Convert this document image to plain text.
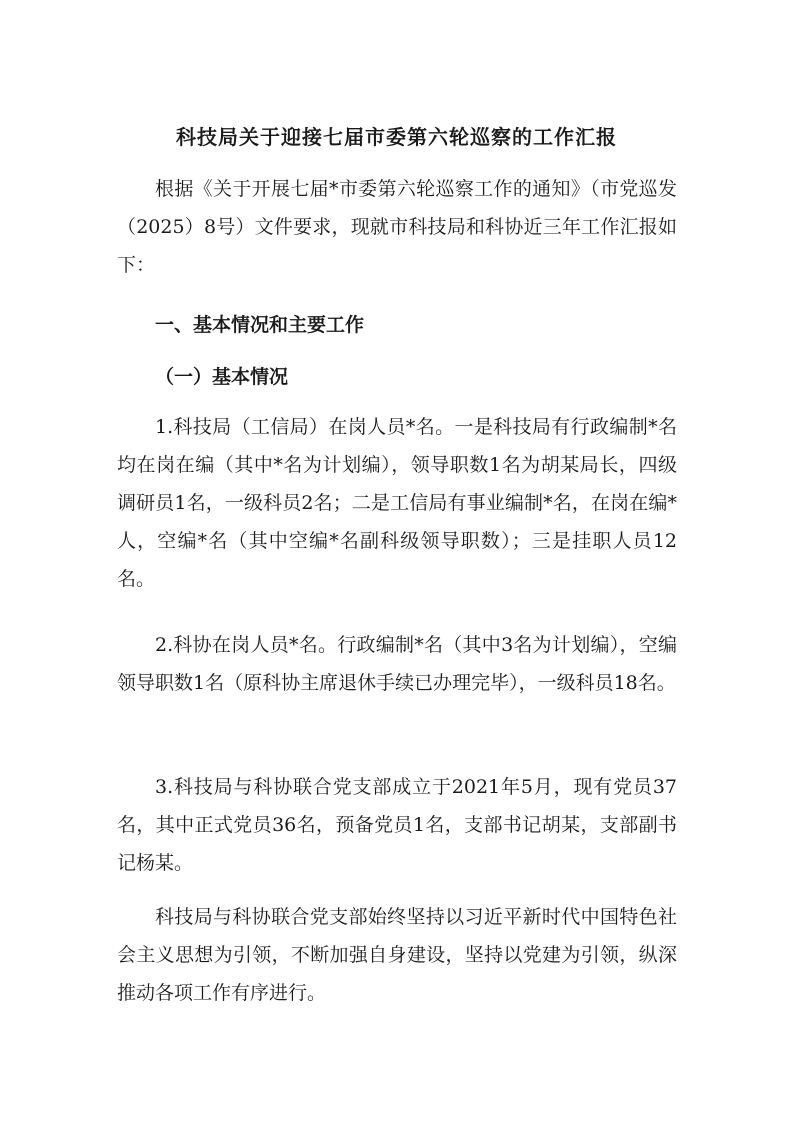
科技局关于迎接七届市委第六轮巡察的工作汇报
根据《关于开展七届*市委第六轮巡察工作的通知》（市党巡发（2025）8号）文件要求，现就市科技局和科协近三年工作汇报如下：
一、基本情况和主要工作
（一）基本情况
1.科技局（工信局）在岗人员*名。一是科技局有行政编制*名均在岗在编（其中*名为计划编），领导职数1名为胡某局长，四级调研员1名，一级科员2名；二是工信局有事业编制*名，在岗在编*人，空编*名（其中空编*名副科级领导职数）；三是挂职人员12名。
2.科协在岗人员*名。行政编制*名（其中3名为计划编），空编领导职数1名（原科协主席退休手续已办理完毕），一级科员18名。
3.科技局与科协联合党支部成立于2021年5月，现有党员37名，其中正式党员36名，预备党员1名，支部书记胡某，支部副书记杨某。
科技局与科协联合党支部始终坚持以习近平新时代中国特色社会主义思想为引领，不断加强自身建设，坚持以党建为引领，纵深推动各项工作有序进行。
